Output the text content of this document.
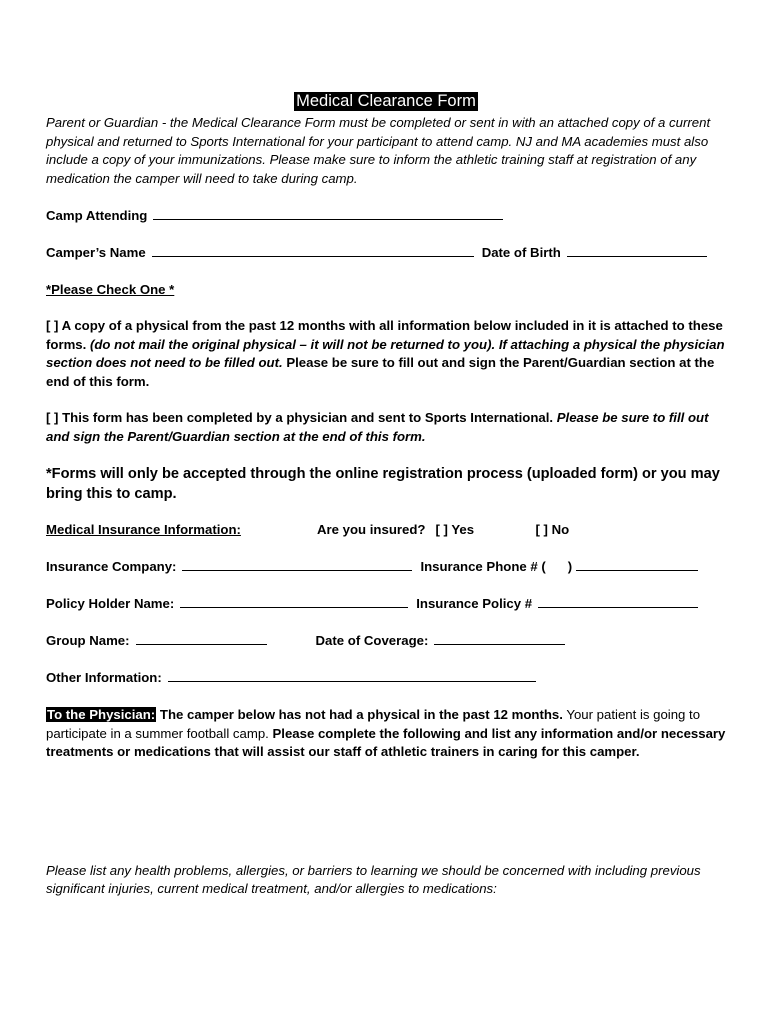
Medical Clearance Form

Parent or Guardian - the Medical Clearance Form must be completed or sent in with an attached copy of a current physical and returned to Sports International for your participant to attend camp. NJ and MA academies must also include a copy of your immunizations. Please make sure to inform the athletic training staff at registration of any medication the camper will need to take during camp.

Camp Attending
Camper’s Name	Date of Birth
*Please Check One *

[ ] A copy of a physical from the past 12 months with all information below included in it is attached to these forms. (do not mail the original physical – it will not be returned to you). If attaching a physical the physician section does not need to be filled out. Please be sure to fill out and sign the Parent/Guardian section at the end of this form.

[ ] This form has been completed by a physician and sent to Sports International. Please be sure to fill out and sign the Parent/Guardian section at the end of this form.

*Forms will only be accepted through the online registration process (uploaded form) or you may bring this to camp.

Medical Insurance Information:	Are you insured? [ ] Yes	[ ] No
Insurance Company:	Insurance Phone # ( )
Policy Holder Name:	Insurance Policy #
Group Name:	Date of Coverage:
Other Information:

To the Physician: The camper below has not had a physical in the past 12 months. Your patient is going to participate in a summer football camp. Please complete the following and list any information and/or necessary treatments or medications that will assist our staff of athletic trainers in caring for this camper.

Please list any health problems, allergies, or barriers to learning we should be concerned with including previous significant injuries, current medical treatment, and/or allergies to medications:
